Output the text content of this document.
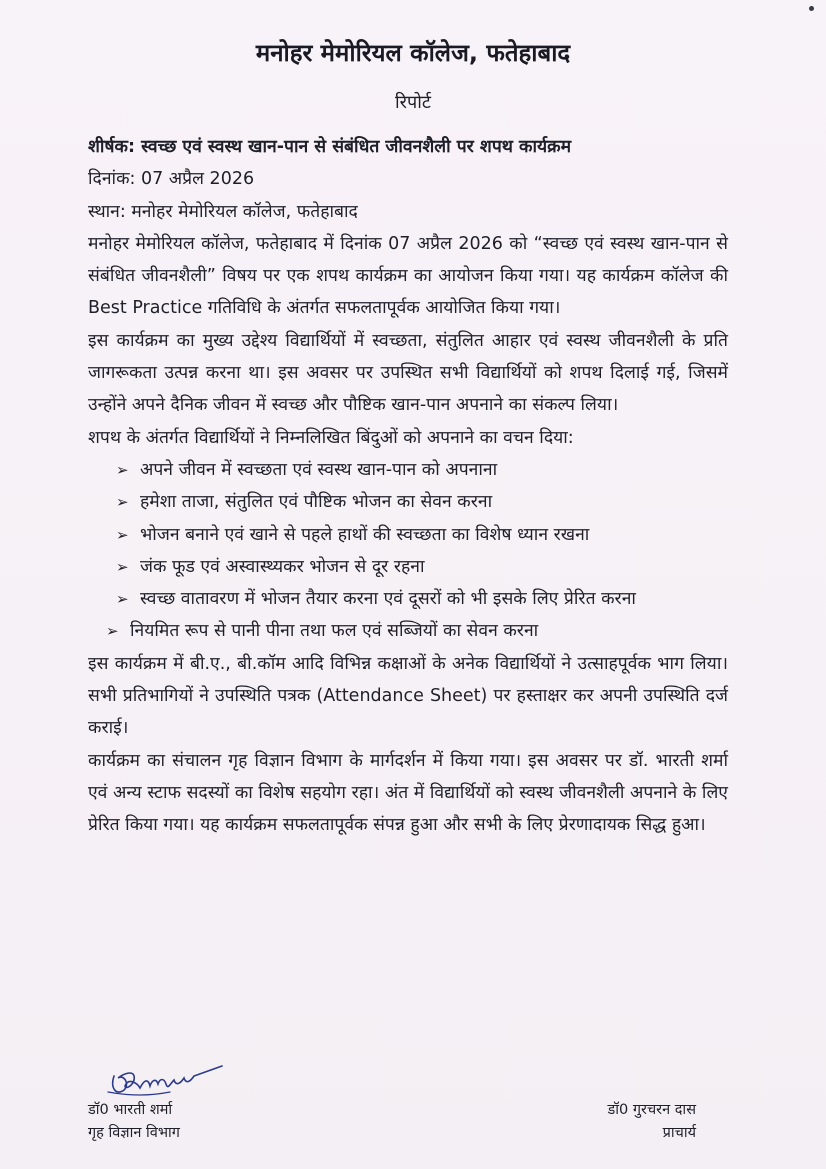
मनोहर मेमोरियल कॉलेज, फतेहाबाद
रिपोर्ट

शीर्षक: स्वच्छ एवं स्वस्थ खान-पान से संबंधित जीवनशैली पर शपथ कार्यक्रम

दिनांक: 07 अप्रैल 2026

स्थान: मनोहर मेमोरियल कॉलेज, फतेहाबाद

मनोहर मेमोरियल कॉलेज, फतेहाबाद में दिनांक 07 अप्रैल 2026 को “स्वच्छ एवं स्वस्थ खान-पान से संबंधित जीवनशैली” विषय पर एक शपथ कार्यक्रम का आयोजन किया गया। यह कार्यक्रम कॉलेज की Best Practice गतिविधि के अंतर्गत सफलतापूर्वक आयोजित किया गया।

इस कार्यक्रम का मुख्य उद्देश्य विद्यार्थियों में स्वच्छता, संतुलित आहार एवं स्वस्थ जीवनशैली के प्रति जागरूकता उत्पन्न करना था। इस अवसर पर उपस्थित सभी विद्यार्थियों को शपथ दिलाई गई, जिसमें उन्होंने अपने दैनिक जीवन में स्वच्छ और पौष्टिक खान-पान अपनाने का संकल्प लिया।

शपथ के अंतर्गत विद्यार्थियों ने निम्नलिखित बिंदुओं को अपनाने का वचन दिया:

➢ अपने जीवन में स्वच्छता एवं स्वस्थ खान-पान को अपनाना
➢ हमेशा ताजा, संतुलित एवं पौष्टिक भोजन का सेवन करना
➢ भोजन बनाने एवं खाने से पहले हाथों की स्वच्छता का विशेष ध्यान रखना
➢ जंक फूड एवं अस्वास्थ्यकर भोजन से दूर रहना
➢ स्वच्छ वातावरण में भोजन तैयार करना एवं दूसरों को भी इसके लिए प्रेरित करना
➢ नियमित रूप से पानी पीना तथा फल एवं सब्जियों का सेवन करना

इस कार्यक्रम में बी.ए., बी.कॉम आदि विभिन्न कक्षाओं के अनेक विद्यार्थियों ने उत्साहपूर्वक भाग लिया। सभी प्रतिभागियों ने उपस्थिति पत्रक (Attendance Sheet) पर हस्ताक्षर कर अपनी उपस्थिति दर्ज कराई।

कार्यक्रम का संचालन गृह विज्ञान विभाग के मार्गदर्शन में किया गया। इस अवसर पर डॉ. भारती शर्मा एवं अन्य स्टाफ सदस्यों का विशेष सहयोग रहा। अंत में विद्यार्थियों को स्वस्थ जीवनशैली अपनाने के लिए प्रेरित किया गया। यह कार्यक्रम सफलतापूर्वक संपन्न हुआ और सभी के लिए प्रेरणादायक सिद्ध हुआ।

डॉ0 भारती शर्मा
गृह विज्ञान विभाग
डॉ0 गुरचरन दास
प्राचार्य
